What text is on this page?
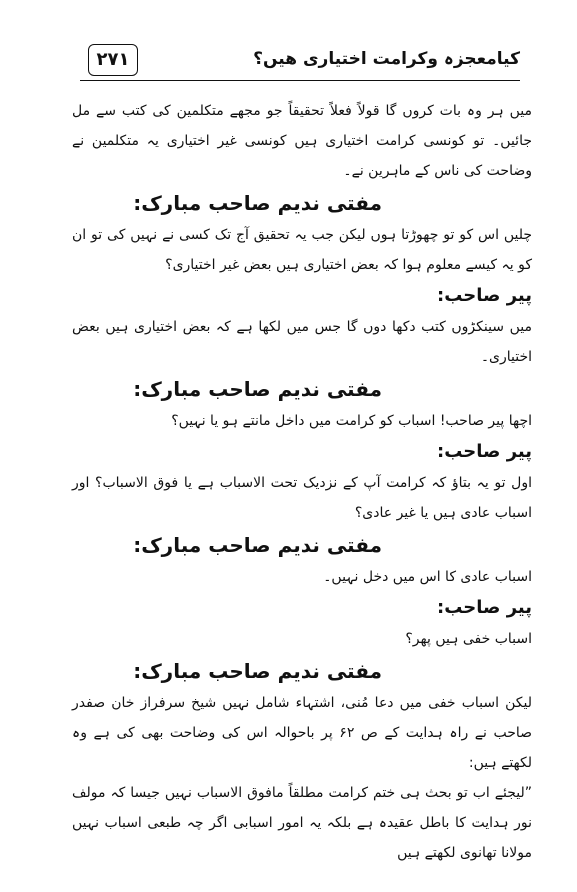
۲۷۱	کیامعجزہ وکرامت اختیاری ھیں؟

میں ہر وہ بات کروں گا قولاً فعلاً تحقیقاً جو مجھے متکلمین کی کتب سے مل جائیں۔ تو کونسی کرامت اختیاری ہیں کونسی غیر اختیاری یہ متکلمین نے وضاحت کی ناس کے ماہرین نے۔

مفتی ندیم صاحب مبارک:

چلیں اس کو تو چھوڑتا ہوں لیکن جب یہ تحقیق آج تک کسی نے نہیں کی تو ان کو یہ کیسے معلوم ہوا کہ بعض اختیاری ہیں بعض غیر اختیاری؟

پیر صاحب:

میں سینکڑوں کتب دکھا دوں گا جس میں لکھا ہے کہ بعض اختیاری ہیں بعض اختیاری۔

مفتی ندیم صاحب مبارک:

اچھا پیر صاحب! اسباب کو کرامت میں داخل مانتے ہو یا نہیں؟

پیر صاحب:

اول تو یہ بتاؤ کہ کرامت آپ کے نزدیک تحت الاسباب ہے یا فوق الاسباب؟ اور اسباب عادی ہیں یا غیر عادی؟

مفتی ندیم صاحب مبارک:

اسباب عادی کا اس میں دخل نہیں۔

پیر صاحب:

اسباب خفی ہیں پھر؟

مفتی ندیم صاحب مبارک:

لیکن اسباب خفی میں دعا مُنی، اشتہاء شامل نہیں شیخ سرفراز خان صفدر صاحب نے راہ ہدایت کے ص ۶۲ پر باحوالہ اس کی وضاحت بھی کی ہے وہ لکھتے ہیں:

”لیجئے اب تو بحث ہی ختم کرامت مطلقاً مافوق الاسباب نہیں جیسا کہ مولف نور ہدایت کا باطل عقیدہ ہے بلکہ یہ امور اسبابی اگر چہ طبعی اسباب نہیں مولانا تھانوی لکھتے ہیں
